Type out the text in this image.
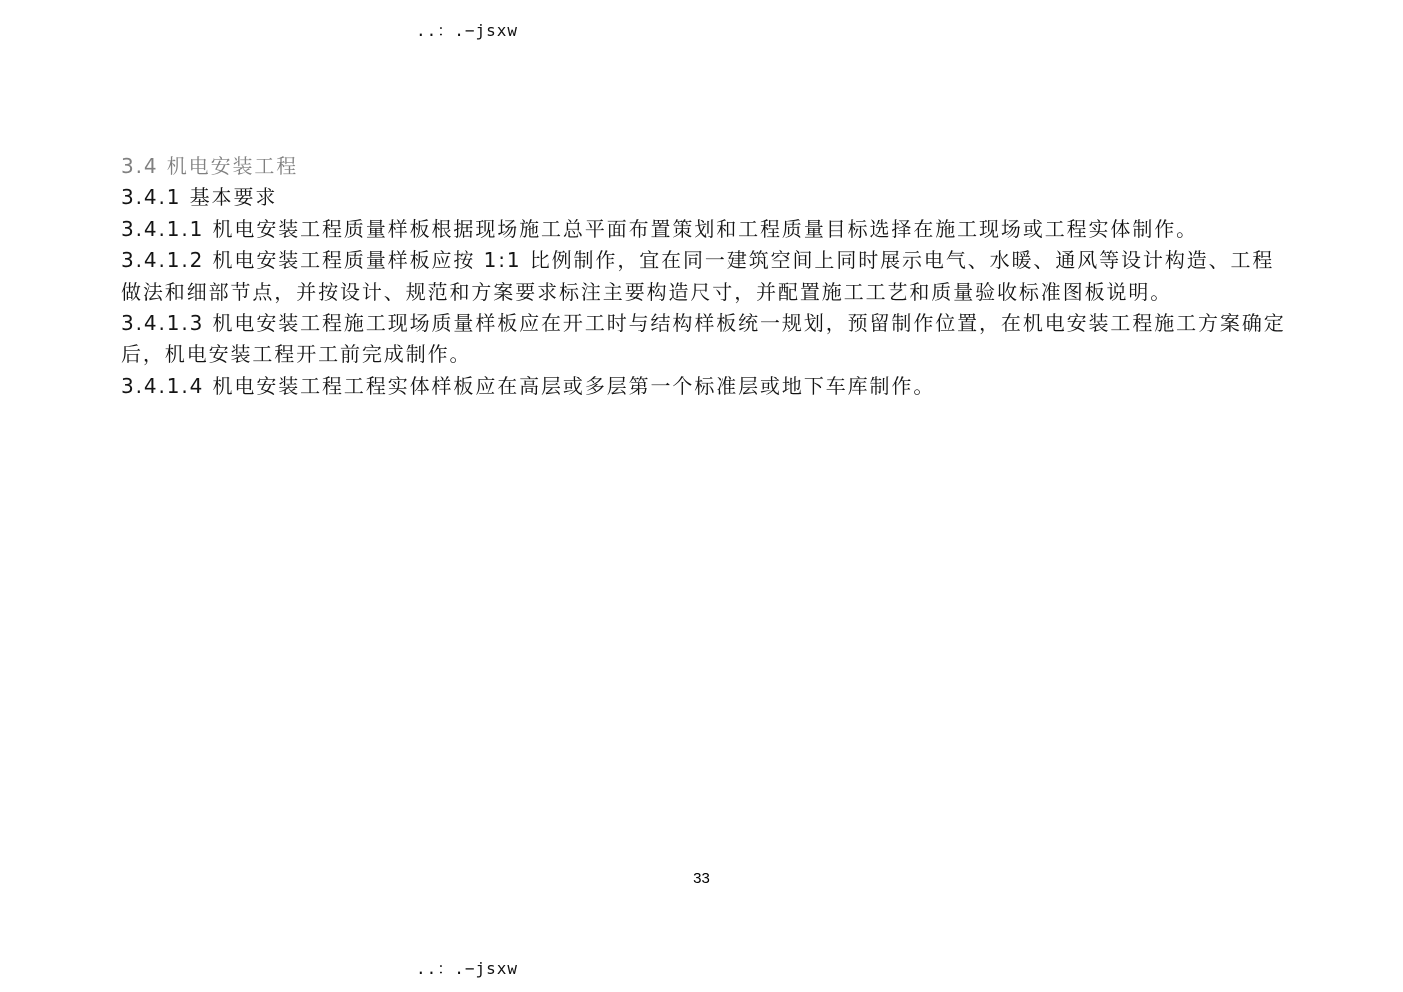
..：.−jsxw

3.4 机电安装工程

3.4.1 基本要求

3.4.1.1 机电安装工程质量样板根据现场施工总平面布置策划和工程质量目标选择在施工现场或工程实体制作。

3.4.1.2 机电安装工程质量样板应按 1:1 比例制作，宜在同一建筑空间上同时展示电气、水暖、通风等设计构造、工程做法和细部节点，并按设计、规范和方案要求标注主要构造尺寸，并配置施工工艺和质量验收标准图板说明。

3.4.1.3 机电安装工程施工现场质量样板应在开工时与结构样板统一规划，预留制作位置，在机电安装工程施工方案确定后，机电安装工程开工前完成制作。

3.4.1.4 机电安装工程工程实体样板应在高层或多层第一个标准层或地下车库制作。

33
..：.−jsxw
